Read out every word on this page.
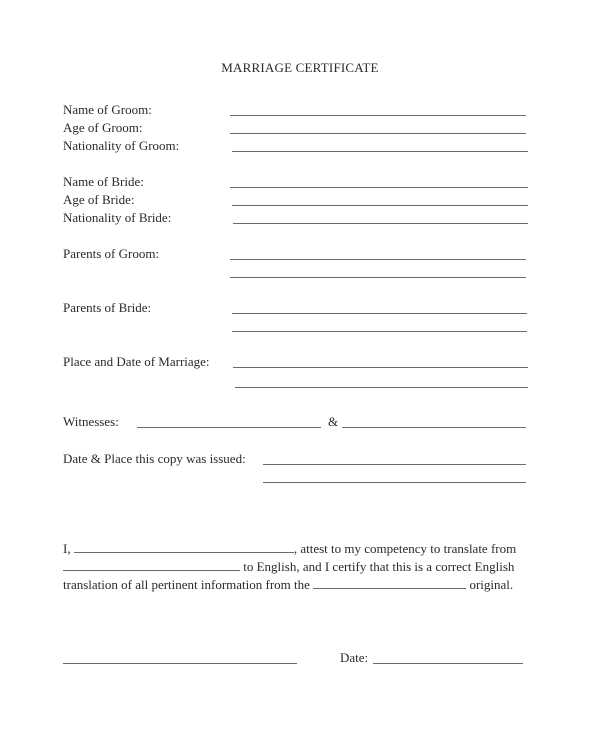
MARRIAGE CERTIFICATE
Name of Groom:
Age of Groom:
Nationality of Groom:
Name of Bride:
Age of Bride:
Nationality of Bride:
Parents of Groom:
Parents of Bride:
Place and Date of Marriage:
Witnesses:	&
Date & Place this copy was issued:
I,	, attest to my competency to translate from
to English, and I certify that this is a correct English
translation of all pertinent information from the	original.
Date:
